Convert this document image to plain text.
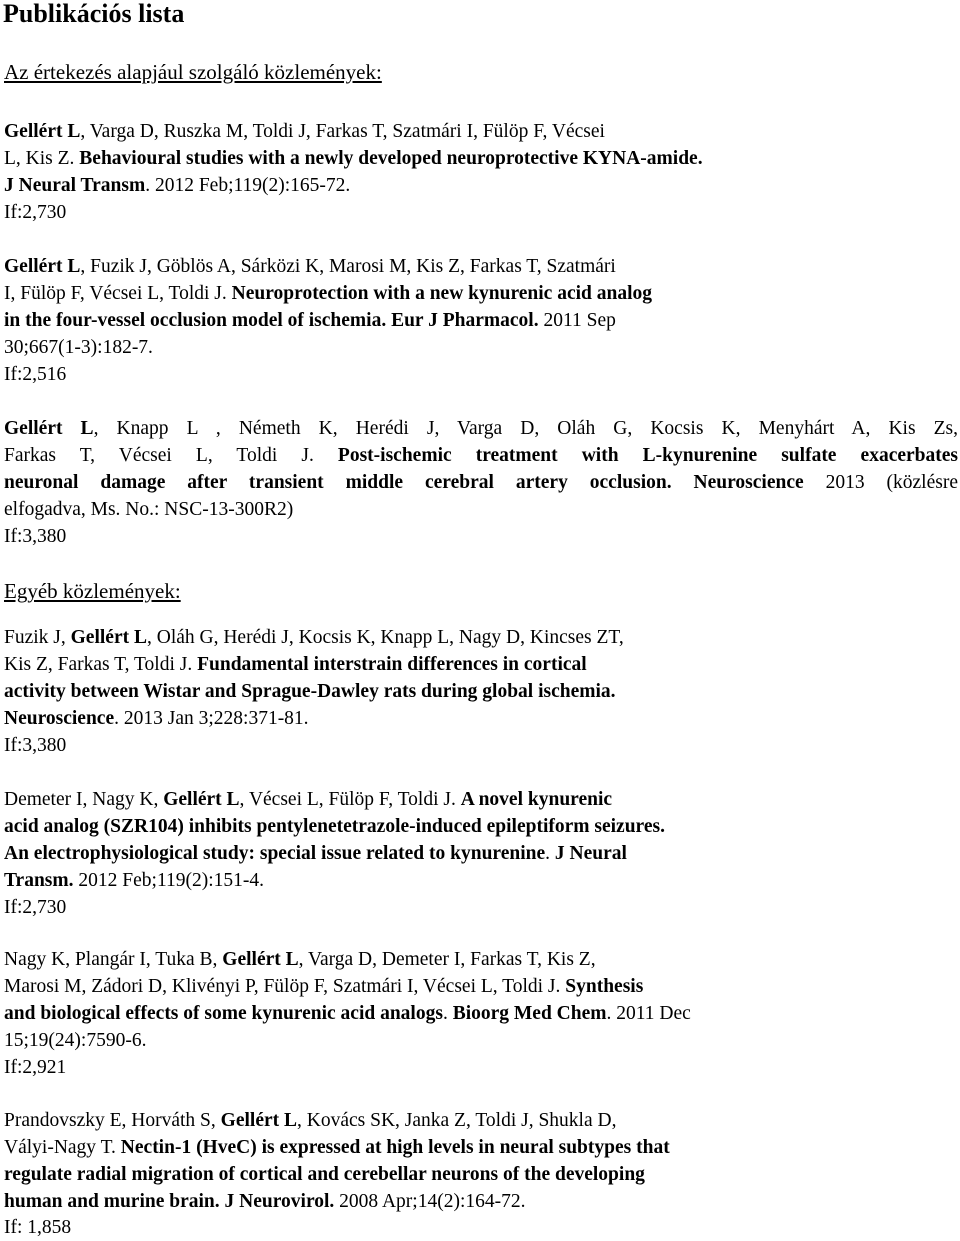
Publikációs lista
Az értekezés alapjául szolgáló közlemények:
Gellért L, Varga D, Ruszka M, Toldi J, Farkas T, Szatmári I, Fülöp F, Vécsei
L, Kis Z. Behavioural studies with a newly developed neuroprotective KYNA-amide.
J Neural Transm. 2012 Feb;119(2):165-72.
If:2,730
Gellért L, Fuzik J, Göblös A, Sárközi K, Marosi M, Kis Z, Farkas T, Szatmári
I, Fülöp F, Vécsei L, Toldi J. Neuroprotection with a new kynurenic acid analog
in the four-vessel occlusion model of ischemia. Eur J Pharmacol. 2011 Sep
30;667(1-3):182-7.
If:2,516
Gellért L, Knapp L , Németh K, Herédi J, Varga D, Oláh G, Kocsis K, Menyhárt A, Kis Zs,
Farkas T, Vécsei L, Toldi J. Post-ischemic treatment with L-kynurenine sulfate exacerbates
neuronal damage after transient middle cerebral artery occlusion. Neuroscience 2013 (közlésre
elfogadva, Ms. No.: NSC-13-300R2)
If:3,380
Egyéb közlemények:
Fuzik J, Gellért L, Oláh G, Herédi J, Kocsis K, Knapp L, Nagy D, Kincses ZT,
Kis Z, Farkas T, Toldi J. Fundamental interstrain differences in cortical
activity between Wistar and Sprague-Dawley rats during global ischemia.
Neuroscience. 2013 Jan 3;228:371-81.
If:3,380
Demeter I, Nagy K, Gellért L, Vécsei L, Fülöp F, Toldi J. A novel kynurenic
acid analog (SZR104) inhibits pentylenetetrazole-induced epileptiform seizures.
An electrophysiological study: special issue related to kynurenine. J Neural
Transm. 2012 Feb;119(2):151-4.
If:2,730
Nagy K, Plangár I, Tuka B, Gellért L, Varga D, Demeter I, Farkas T, Kis Z,
Marosi M, Zádori D, Klivényi P, Fülöp F, Szatmári I, Vécsei L, Toldi J. Synthesis
and biological effects of some kynurenic acid analogs. Bioorg Med Chem. 2011 Dec
15;19(24):7590-6.
If:2,921
Prandovszky E, Horváth S, Gellért L, Kovács SK, Janka Z, Toldi J, Shukla D,
Vályi-Nagy T. Nectin-1 (HveC) is expressed at high levels in neural subtypes that
regulate radial migration of cortical and cerebellar neurons of the developing
human and murine brain. J Neurovirol. 2008 Apr;14(2):164-72.
If: 1,858
